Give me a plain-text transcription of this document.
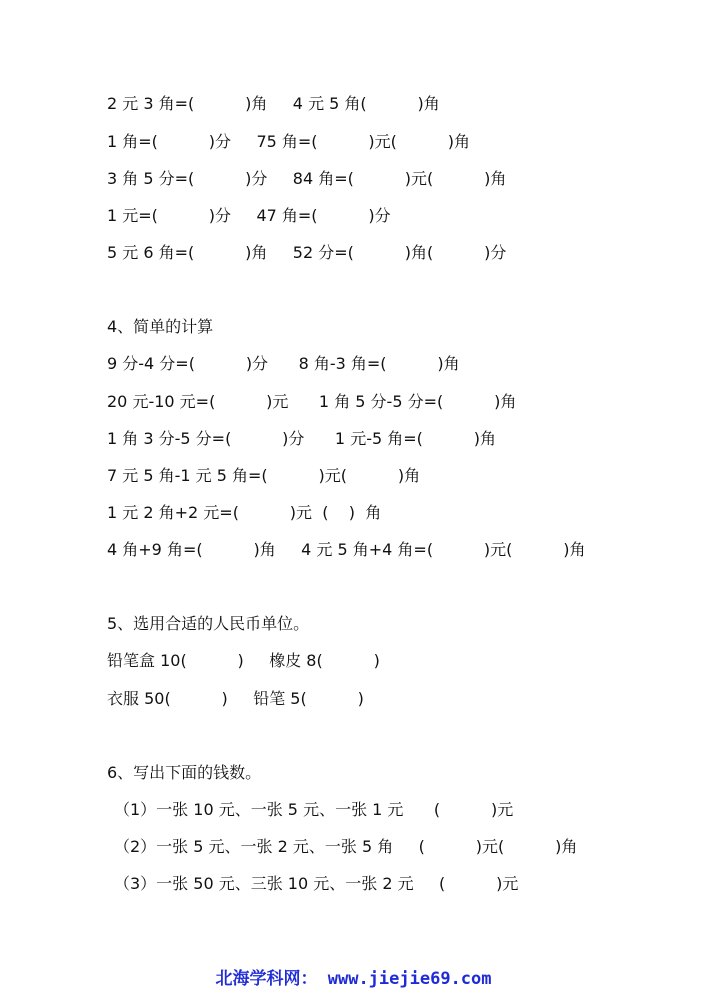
2 元 3 角=(          )角     4 元 5 角(          )角
1 角=(          )分     75 角=(          )元(          )角
3 角 5 分=(          )分     84 角=(          )元(          )角
1 元=(          )分     47 角=(          )分
5 元 6 角=(          )角     52 分=(          )角(          )分
4、简单的计算
9 分-4 分=(          )分      8 角-3 角=(          )角
20 元-10 元=(          )元      1 角 5 分-5 分=(          )角
1 角 3 分-5 分=(          )分      1 元-5 角=(          )角
7 元 5 角-1 元 5 角=(          )元(          )角
1 元 2 角+2 元=(          )元  (    )  角
4 角+9 角=(          )角     4 元 5 角+4 角=(          )元(          )角
5、选用合适的人民币单位。
铅笔盒 10(          )     橡皮 8(          )
衣服 50(          )     铅笔 5(          )
6、写出下面的钱数。
（1）一张 10 元、一张 5 元、一张 1 元      (          )元
（2）一张 5 元、一张 2 元、一张 5 角     (          )元(          )角
（3）一张 50 元、三张 10 元、一张 2 元     (          )元
北海学科网： www.jiejie69.com
